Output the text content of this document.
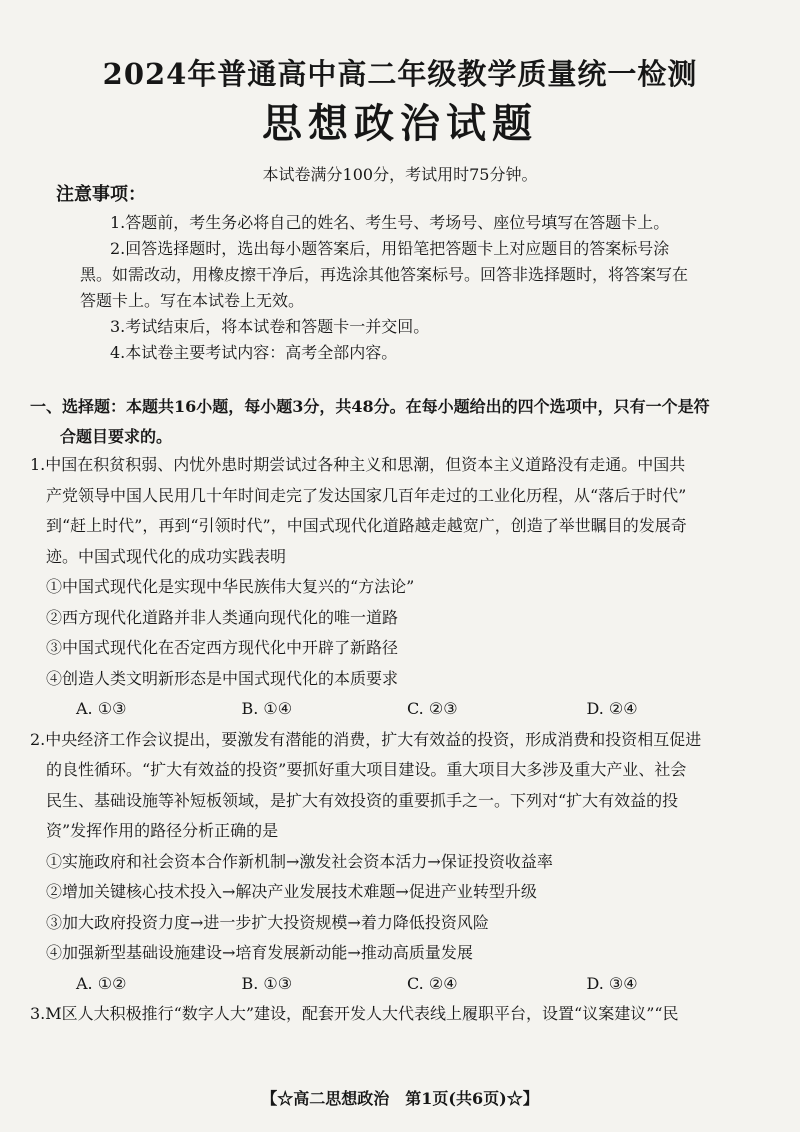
2024年普通高中高二年级教学质量统一检测
思想政治试题
本试卷满分100分，考试用时75分钟。
注意事项：

1.答题前，考生务必将自己的姓名、考生号、考场号、座位号填写在答题卡上。

2.回答选择题时，选出每小题答案后，用铅笔把答题卡上对应题目的答案标号涂

黑。如需改动，用橡皮擦干净后，再选涂其他答案标号。回答非选择题时，将答案写在

答题卡上。写在本试卷上无效。

3.考试结束后，将本试卷和答题卡一并交回。

4.本试卷主要考试内容：高考全部内容。

一、选择题：本题共16小题，每小题3分，共48分。在每小题给出的四个选项中，只有一个是符
合题目要求的。

1.中国在积贫积弱、内忧外患时期尝试过各种主义和思潮，但资本主义道路没有走通。中国共
产党领导中国人民用几十年时间走完了发达国家几百年走过的工业化历程，从“落后于时代”
到“赶上时代”，再到“引领时代”，中国式现代化道路越走越宽广，创造了举世瞩目的发展奇
迹。中国式现代化的成功实践表明

①中国式现代化是实现中华民族伟大复兴的“方法论”

②西方现代化道路并非人类通向现代化的唯一道路

③中国式现代化在否定西方现代化中开辟了新路径

④创造人类文明新形态是中国式现代化的本质要求

A. ①③	B. ①④	C. ②③	D. ②④

2.中央经济工作会议提出，要激发有潜能的消费，扩大有效益的投资，形成消费和投资相互促进
的良性循环。“扩大有效益的投资”要抓好重大项目建设。重大项目大多涉及重大产业、社会
民生、基础设施等补短板领域，是扩大有效投资的重要抓手之一。下列对“扩大有效益的投
资”发挥作用的路径分析正确的是

①实施政府和社会资本合作新机制→激发社会资本活力→保证投资收益率

②增加关键核心技术投入→解决产业发展技术难题→促进产业转型升级

③加大政府投资力度→进一步扩大投资规模→着力降低投资风险

④加强新型基础设施建设→培育发展新动能→推动高质量发展

A. ①②	B. ①③	C. ②④	D. ③④

3.M区人大积极推行“数字人大”建设，配套开发人大代表线上履职平台，设置“议案建议”“民

【☆高二思想政治　第1页(共6页)☆】
